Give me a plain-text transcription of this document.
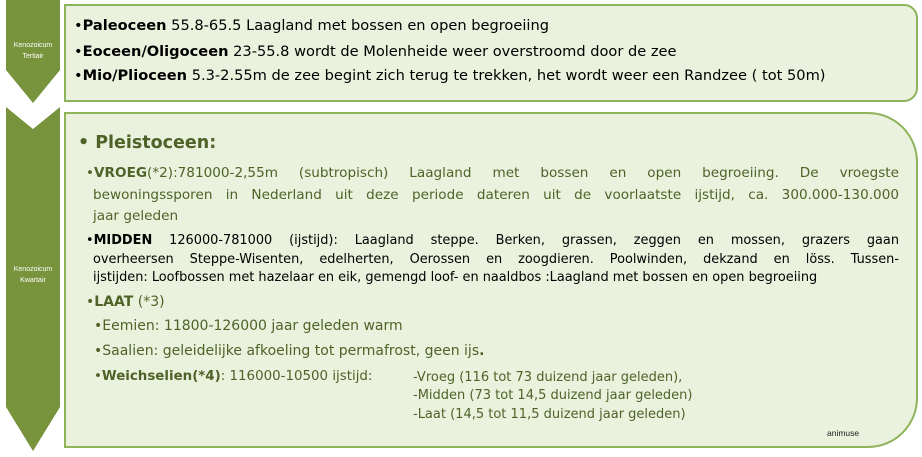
Kenozoicum
Tertiair
Kenozoicum
Kwartair
•Paleoceen 55.8-65.5 Laagland met bossen en open begroeiing
•Eoceen/Oligoceen 23-55.8 wordt de Molenheide weer overstroomd door de zee
•Mio/Plioceen 5.3-2.55m de zee begint zich terug te trekken, het wordt weer een Randzee ( tot 50m)
• Pleistoceen:
•VROEG(*2):781000-2,55m (subtropisch) Laagland met bossen en open begroeiing. De vroegste
bewoningssporen in Nederland uit deze periode dateren uit de voorlaatste ijstijd, ca. 300.000-130.000
jaar geleden
•MIDDEN 126000-781000 (ijstijd): Laagland steppe. Berken, grassen, zeggen en mossen, grazers gaan
overheersen Steppe-Wisenten, edelherten, Oerossen en zoogdieren. Poolwinden, dekzand en löss. Tussen-
ijstijden: Loofbossen met hazelaar en eik, gemengd loof- en naaldbos :Laagland met bossen en open begroeiing
•LAAT (*3)
•Eemien: 11800-126000 jaar geleden warm
•Saalien: geleidelijke afkoeling tot permafrost, geen ijs.
•Weichselien(*4): 116000-10500 ijstijd:	-Vroeg (116 tot 73 duizend jaar geleden),
-Midden (73 tot 14,5 duizend jaar geleden)
-Laat (14,5 tot 11,5 duizend jaar geleden)
animuse
